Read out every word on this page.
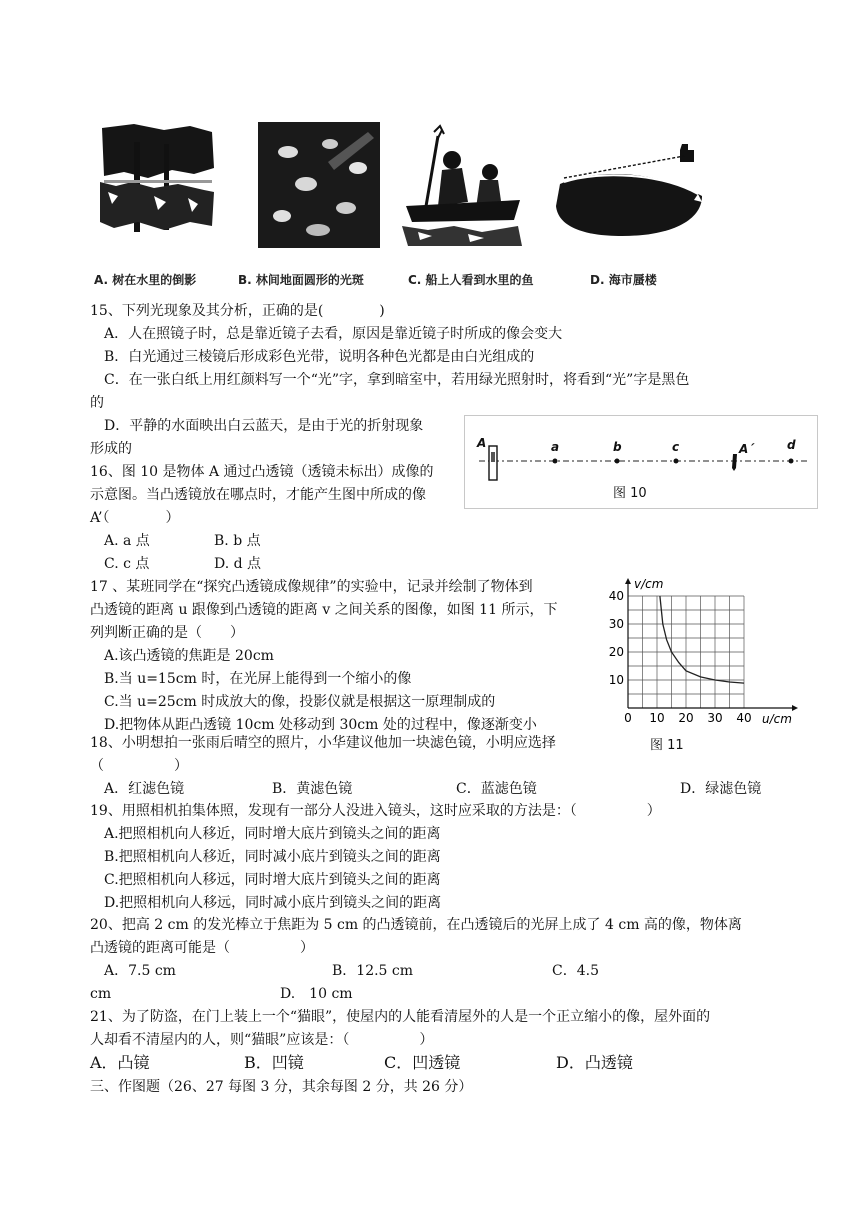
A. 树在水里的倒影	B. 林间地面圆形的光斑	C. 船上人看到水里的鱼	D. 海市蜃楼
15、下列光现象及其分析，正确的是(　　　　)
A．人在照镜子时，总是靠近镜子去看，原因是靠近镜子时所成的像会变大
B．白光通过三棱镜后形成彩色光带，说明各种色光都是由白光组成的
C．在一张白纸上用红颜料写一个“光”字，拿到暗室中，若用绿光照射时，将看到“光”字是黑色
的
D．平静的水面映出白云蓝天，是由于光的折射现象
形成的	A	a	b	c	A´	d
图 10
16、图 10 是物体 A 通过凸透镜（透镜未标出）成像的
示意图。当凸透镜放在哪点时，才能产生图中所成的像
A’（　　　　）
A. a 点	B. b 点
C. c 点	D. d 点
17 、某班同学在“探究凸透镜成像规律”的实验中，记录并绘制了物体到
凸透镜的距离 u 跟像到凸透镜的距离 v 之间关系的图像，如图 11 所示，下
列判断正确的是（　　）
A.该凸透镜的焦距是 20cm
B.当 u=15cm 时，在光屏上能得到一个缩小的像
C.当 u=25cm 时成放大的像，投影仪就是根据这一原理制成的
D.把物体从距凸透镜 10cm 处移动到 30cm 处的过程中，像逐渐变小	0 10 20 30 40
10
20
30
40
u/cm
v/cm
图 11
18、小明想拍一张雨后晴空的照片，小华建议他加一块滤色镜，小明应选择
（　　　　　）
A．红滤色镜	B．黄滤色镜	C．蓝滤色镜	D．绿滤色镜
19、用照相机拍集体照，发现有一部分人没进入镜头，这时应采取的方法是：（　　　　　）
A.把照相机向人移近，同时增大底片到镜头之间的距离
B.把照相机向人移近，同时减小底片到镜头之间的距离
C.把照相机向人移远，同时增大底片到镜头之间的距离
D.把照相机向人移远，同时减小底片到镜头之间的距离
20、把高 2 cm 的发光棒立于焦距为 5 cm 的凸透镜前，在凸透镜后的光屏上成了 4 cm 高的像，物体离
凸透镜的距离可能是（　　　　　）
A．7.5 cm	B．12.5 cm	C．4.5
cm	D.　10 cm
21、为了防盗，在门上装上一个“猫眼”，使屋内的人能看清屋外的人是一个正立缩小的像，屋外面的
人却看不清屋内的人，则“猫眼”应该是：（　　　　　）
A．凸镜	B．凹镜	C．凹透镜	D．凸透镜
三、作图题（26、27 每图 3 分，其余每图 2 分，共 26 分）
